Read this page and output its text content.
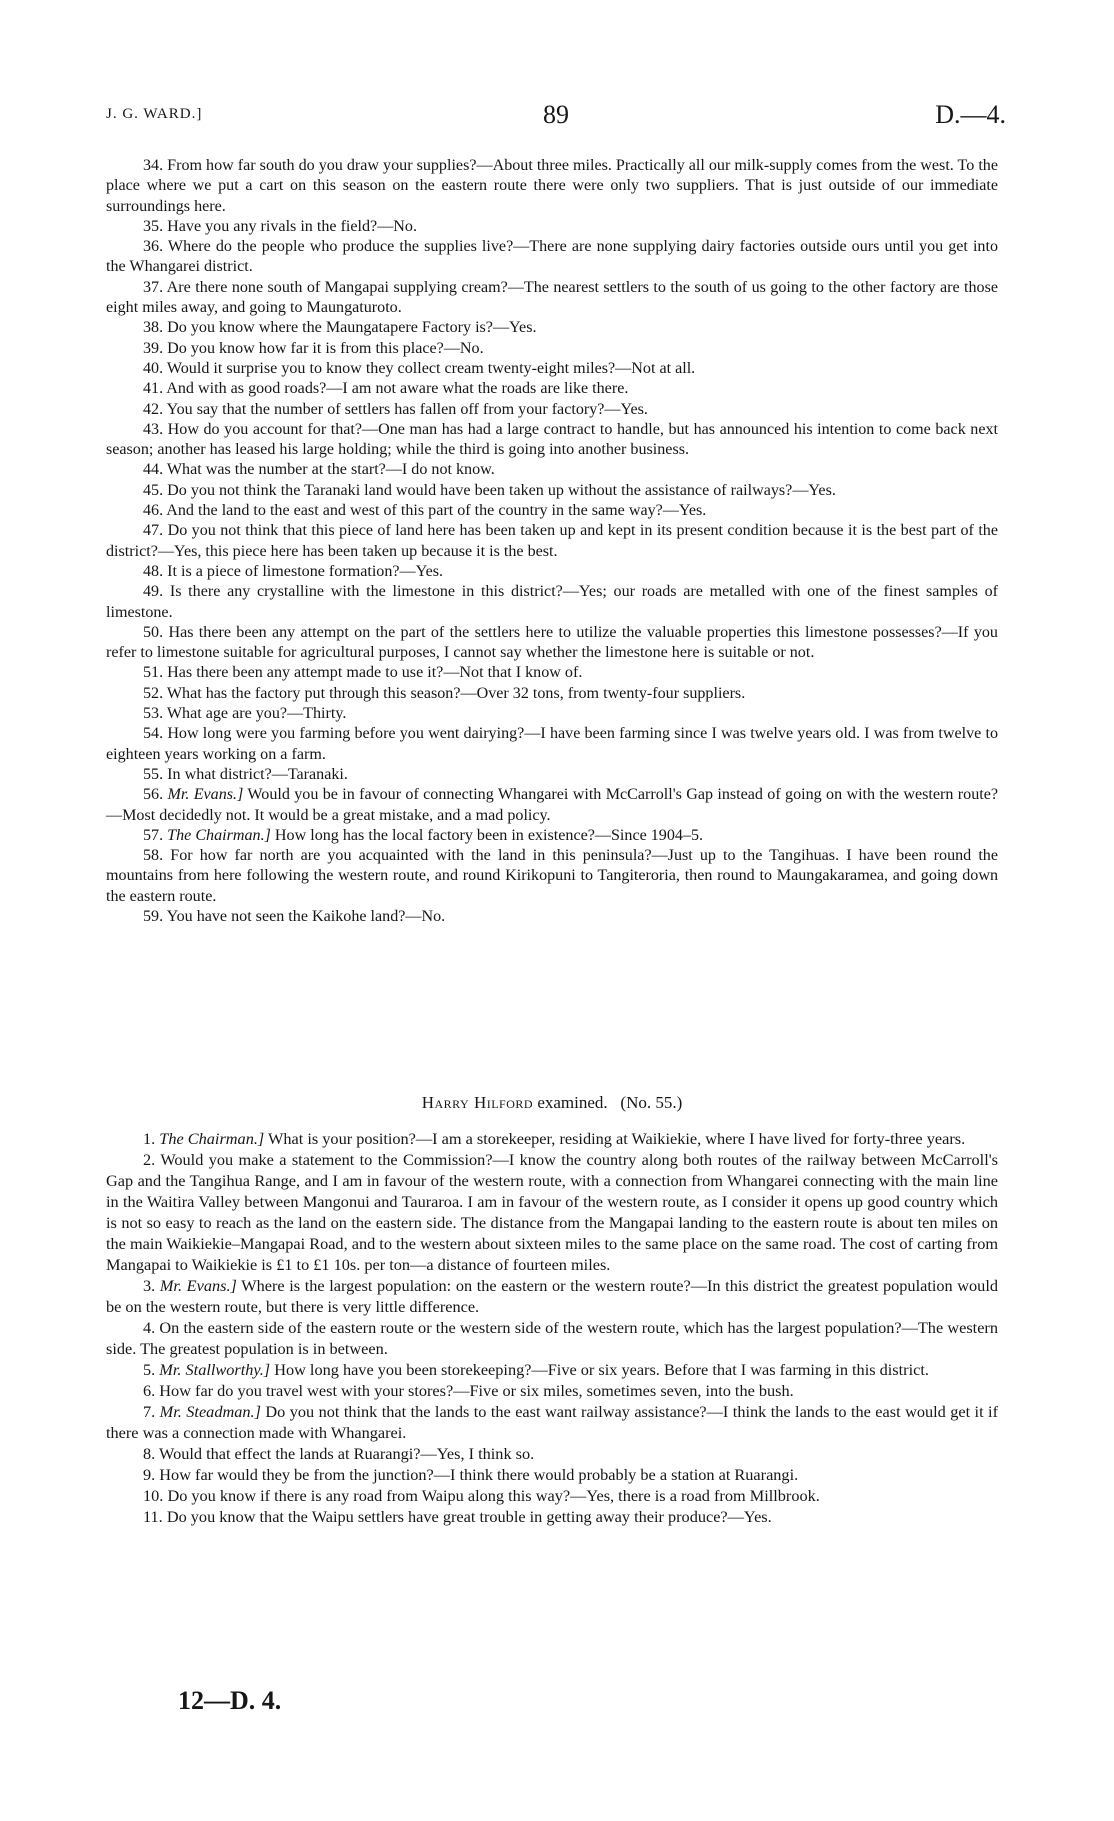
J. G. WARD.]	89	D.—4.

34. From how far south do you draw your supplies?—About three miles. Practically all our milk-supply comes from the west. To the place where we put a cart on this season on the eastern route there were only two suppliers. That is just outside of our immediate surroundings here.

35. Have you any rivals in the field?—No.

36. Where do the people who produce the supplies live?—There are none supplying dairy factories outside ours until you get into the Whangarei district.

37. Are there none south of Mangapai supplying cream?—The nearest settlers to the south of us going to the other factory are those eight miles away, and going to Maungaturoto.

38. Do you know where the Maungatapere Factory is?—Yes.

39. Do you know how far it is from this place?—No.

40. Would it surprise you to know they collect cream twenty-eight miles?—Not at all.

41. And with as good roads?—I am not aware what the roads are like there.

42. You say that the number of settlers has fallen off from your factory?—Yes.

43. How do you account for that?—One man has had a large contract to handle, but has announced his intention to come back next season; another has leased his large holding; while the third is going into another business.

44. What was the number at the start?—I do not know.

45. Do you not think the Taranaki land would have been taken up without the assistance of railways?—Yes.

46. And the land to the east and west of this part of the country in the same way?—Yes.

47. Do you not think that this piece of land here has been taken up and kept in its present condition because it is the best part of the district?—Yes, this piece here has been taken up because it is the best.

48. It is a piece of limestone formation?—Yes.

49. Is there any crystalline with the limestone in this district?—Yes; our roads are metalled with one of the finest samples of limestone.

50. Has there been any attempt on the part of the settlers here to utilize the valuable properties this limestone possesses?—If you refer to limestone suitable for agricultural purposes, I cannot say whether the limestone here is suitable or not.

51. Has there been any attempt made to use it?—Not that I know of.

52. What has the factory put through this season?—Over 32 tons, from twenty-four suppliers.

53. What age are you?—Thirty.

54. How long were you farming before you went dairying?—I have been farming since I was twelve years old. I was from twelve to eighteen years working on a farm.

55. In what district?—Taranaki.

56. Mr. Evans.] Would you be in favour of connecting Whangarei with McCarroll's Gap instead of going on with the western route?—Most decidedly not. It would be a great mistake, and a mad policy.

57. The Chairman.] How long has the local factory been in existence?—Since 1904–5.

58. For how far north are you acquainted with the land in this peninsula?—Just up to the Tangihuas. I have been round the mountains from here following the western route, and round Kirikopuni to Tangiteroria, then round to Maungakaramea, and going down the eastern route.

59. You have not seen the Kaikohe land?—No.

Harry Hilford examined. (No. 55.)

1. The Chairman.] What is your position?—I am a storekeeper, residing at Waikiekie, where I have lived for forty-three years.

2. Would you make a statement to the Commission?—I know the country along both routes of the railway between McCarroll's Gap and the Tangihua Range, and I am in favour of the western route, with a connection from Whangarei connecting with the main line in the Waitira Valley between Mangonui and Tauraroa. I am in favour of the western route, as I consider it opens up good country which is not so easy to reach as the land on the eastern side. The distance from the Mangapai landing to the eastern route is about ten miles on the main Waikiekie–Mangapai Road, and to the western about sixteen miles to the same place on the same road. The cost of carting from Mangapai to Waikiekie is £1 to £1 10s. per ton—a distance of fourteen miles.

3. Mr. Evans.] Where is the largest population: on the eastern or the western route?—In this district the greatest population would be on the western route, but there is very little difference.

4. On the eastern side of the eastern route or the western side of the western route, which has the largest population?—The western side. The greatest population is in between.

5. Mr. Stallworthy.] How long have you been storekeeping?—Five or six years. Before that I was farming in this district.

6. How far do you travel west with your stores?—Five or six miles, sometimes seven, into the bush.

7. Mr. Steadman.] Do you not think that the lands to the east want railway assistance?—I think the lands to the east would get it if there was a connection made with Whangarei.

8. Would that effect the lands at Ruarangi?—Yes, I think so.

9. How far would they be from the junction?—I think there would probably be a station at Ruarangi.

10. Do you know if there is any road from Waipu along this way?—Yes, there is a road from Millbrook.

11. Do you know that the Waipu settlers have great trouble in getting away their produce?—Yes.

12—D. 4.
